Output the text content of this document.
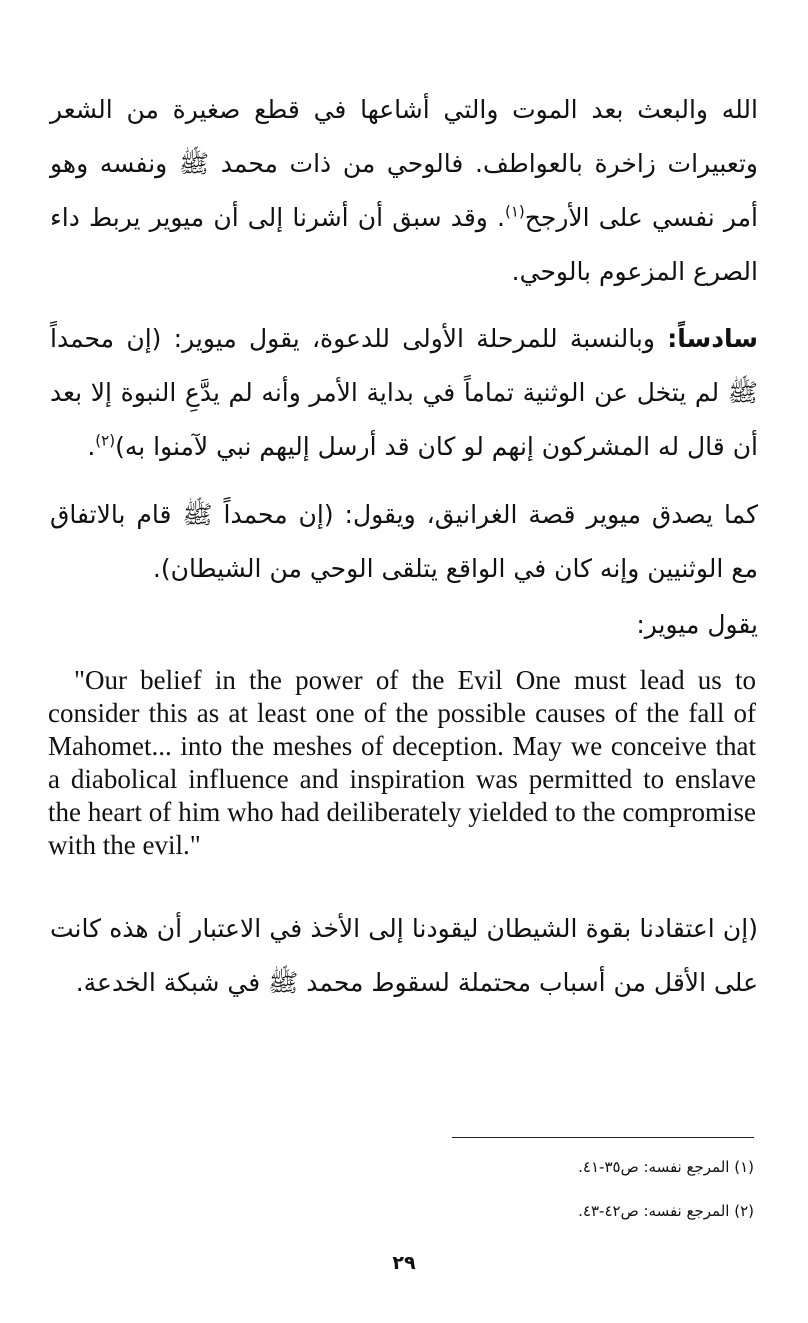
الله والبعث بعد الموت والتي أشاعها في قطع صغيرة من الشعر وتعبيرات زاخرة بالعواطف. فالوحي من ذات محمد ﷺ ونفسه وهو أمر نفسي على الأرجح$^{(١)}$. وقد سبق أن أشرنا إلى أن ميوير يربط داء الصرع المزعوم بالوحي.

سادساً: وبالنسبة للمرحلة الأولى للدعوة، يقول ميوير: (إن محمداً ﷺ لم يتخل عن الوثنية تماماً في بداية الأمر وأنه لم يدَّعِ النبوة إلا بعد أن قال له المشركون إنهم لو كان قد أرسل إليهم نبي لآمنوا به)$^{(٢)}$.

كما يصدق ميوير قصة الغرانيق، ويقول: (إن محمداً ﷺ قام بالاتفاق مع الوثنيين وإنه كان في الواقع يتلقى الوحي من الشيطان).

يقول ميوير:

"Our belief in the power of the Evil One must lead us to consider this as at least one of the possible causes of the fall of Mahomet... into the meshes of deception. May we conceive that a diabolical influence and inspiration was permitted to enslave the heart of him who had deiliberately yielded to the compromise with the evil."

(إن اعتقادنا بقوة الشيطان ليقودنا إلى الأخذ في الاعتبار أن هذه كانت على الأقل من أسباب محتملة لسقوط محمد ﷺ في شبكة الخدعة.

(١) المرجع نفسه: ص٣٥-٤١.
(٢) المرجع نفسه: ص٤٢-٤٣.
٢٩
